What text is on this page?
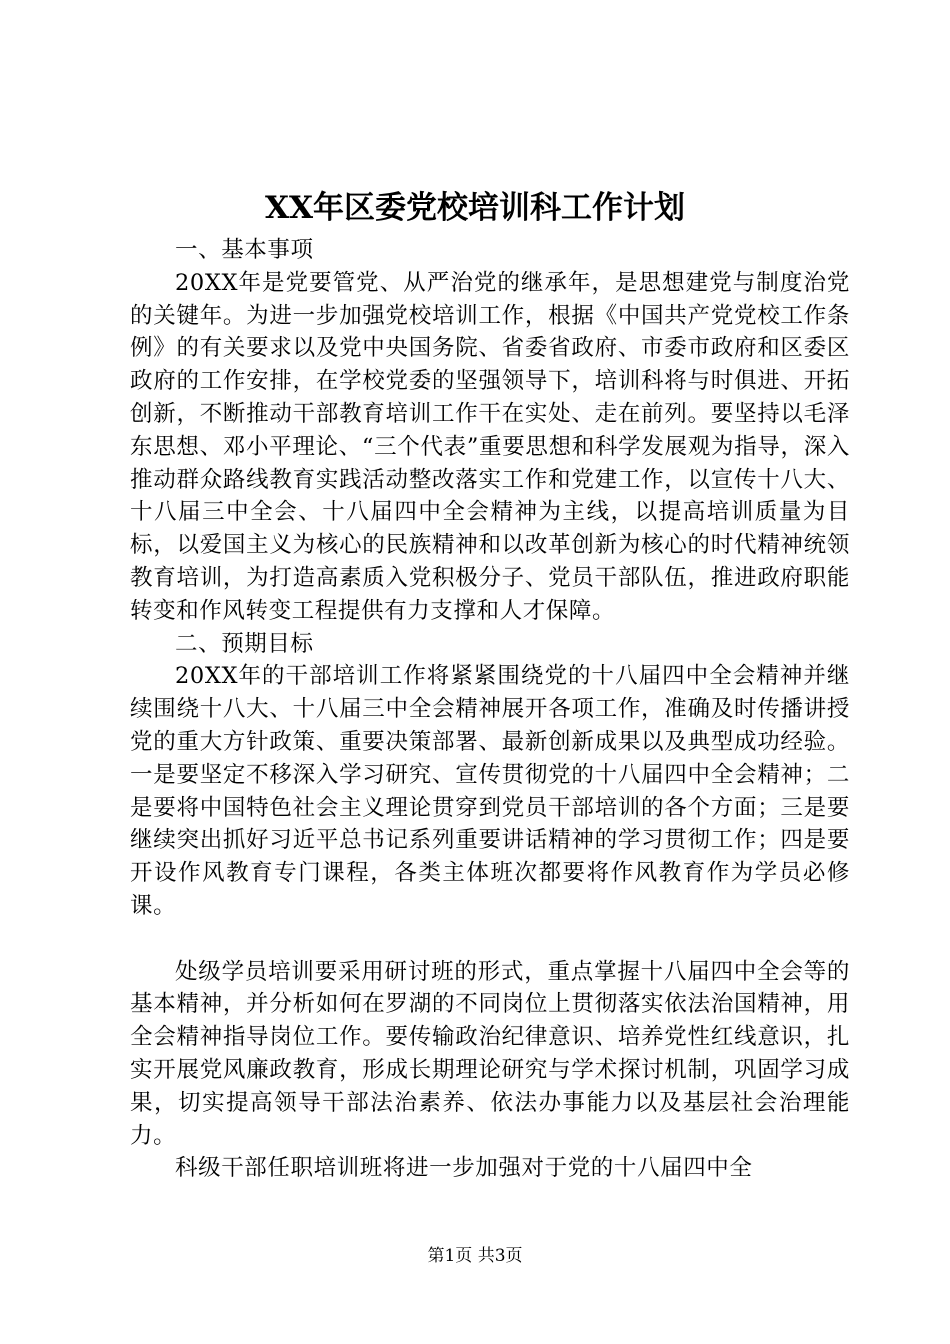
XX年区委党校培训科工作计划

一、基本事项

20XX年是党要管党、从严治党的继承年，是思想建党与制度治党的关键年。为进一步加强党校培训工作，根据《中国共产党党校工作条例》的有关要求以及党中央国务院、省委省政府、市委市政府和区委区政府的工作安排，在学校党委的坚强领导下，培训科将与时俱进、开拓创新，不断推动干部教育培训工作干在实处、走在前列。要坚持以毛泽东思想、邓小平理论、“三个代表”重要思想和科学发展观为指导，深入推动群众路线教育实践活动整改落实工作和党建工作，以宣传十八大、十八届三中全会、十八届四中全会精神为主线，以提高培训质量为目标，以爱国主义为核心的民族精神和以改革创新为核心的时代精神统领教育培训，为打造高素质入党积极分子、党员干部队伍，推进政府职能转变和作风转变工程提供有力支撑和人才保障。

二、预期目标

20XX年的干部培训工作将紧紧围绕党的十八届四中全会精神并继续围绕十八大、十八届三中全会精神展开各项工作，准确及时传播讲授党的重大方针政策、重要决策部署、最新创新成果以及典型成功经验。一是要坚定不移深入学习研究、宣传贯彻党的十八届四中全会精神；二是要将中国特色社会主义理论贯穿到党员干部培训的各个方面；三是要继续突出抓好习近平总书记系列重要讲话精神的学习贯彻工作；四是要开设作风教育专门课程，各类主体班次都要将作风教育作为学员必修课。

处级学员培训要采用研讨班的形式，重点掌握十八届四中全会等的基本精神，并分析如何在罗湖的不同岗位上贯彻落实依法治国精神，用全会精神指导岗位工作。要传输政治纪律意识、培养党性红线意识，扎实开展党风廉政教育，形成长期理论研究与学术探讨机制，巩固学习成果，切实提高领导干部法治素养、依法办事能力以及基层社会治理能力。

科级干部任职培训班将进一步加强对于党的十八届四中全

第1页 共3页
